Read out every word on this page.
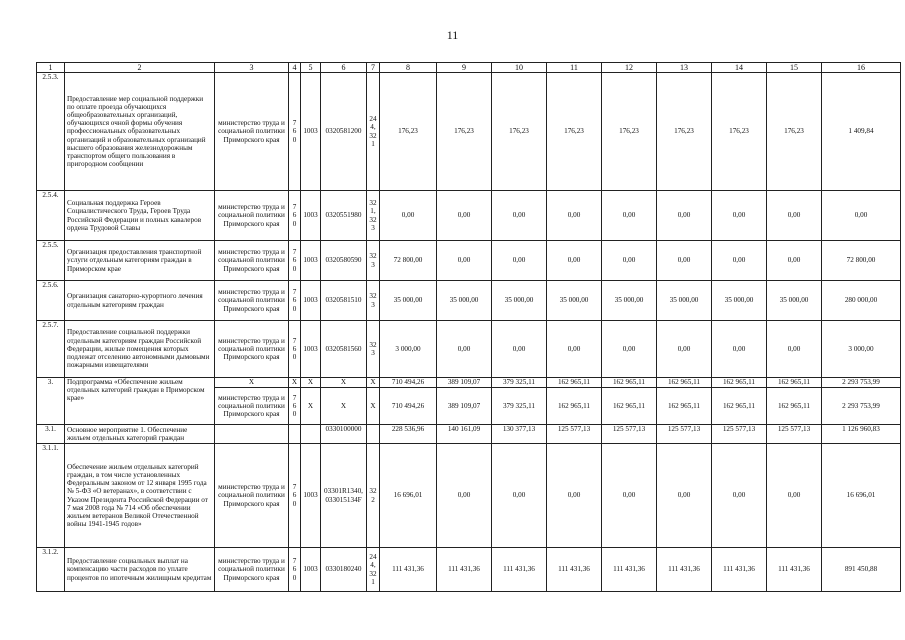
11
1	2	3	4	5	6	7	8	9	10	11	12	13	14	15	16
2.5.3.	Предоставление мер социальной поддержки по оплате проезда обучающихся общеобразовательных организаций, обучающихся очной формы обучения профессиональных образовательных организаций и образовательных организаций высшего образования железнодорожным транспортом общего пользования в пригородном сообщении	министерство труда и социальной политики Приморского края	760	1003	0320581200	244, 321	176,23	176,23	176,23	176,23	176,23	176,23	176,23	176,23	1 409,84
2.5.4.	Социальная поддержка Героев Социалистического Труда, Героев Труда Российской Федерации и полных кавалеров ордена Трудовой Славы	министерство труда и социальной политики Приморского края	760	1003	0320551980	321, 323	0,00	0,00	0,00	0,00	0,00	0,00	0,00	0,00	0,00
2.5.5.	Организация предоставления транспортной услуги отдельным категориям граждан в Приморском крае	министерство труда и социальной политики Приморского края	760	1003	0320580590	323	72 800,00	0,00	0,00	0,00	0,00	0,00	0,00	0,00	72 800,00
2.5.6.	Организация санаторно-курортного лечения отдельным категориям граждан	министерство труда и социальной политики Приморского края	760	1003	0320581510	323	35 000,00	35 000,00	35 000,00	35 000,00	35 000,00	35 000,00	35 000,00	35 000,00	280 000,00
2.5.7.	Предоставление социальной поддержки отдельным категориям граждан Российской Федерации, жилые помещения которых подлежат отселению автономными дымовыми пожарными извещателями	министерство труда и социальной политики Приморского края	760	1003	0320581560	323	3 000,00	0,00	0,00	0,00	0,00	0,00	0,00	0,00	3 000,00
3.	Подпрограмма «Обеспечение жильем отдельных категорий граждан в Приморском крае»	X	X	X	X	X	710 494,26	389 109,07	379 325,11	162 965,11	162 965,11	162 965,11	162 965,11	162 965,11	2 293 753,99
		министерство труда и социальной политики Приморского края	760	X	X	X	710 494,26	389 109,07	379 325,11	162 965,11	162 965,11	162 965,11	162 965,11	162 965,11	2 293 753,99
3.1.	Основное мероприятие 1. Обеспечение жильем отдельных категорий граждан				0330100000		228 536,96	140 161,09	130 377,13	125 577,13	125 577,13	125 577,13	125 577,13	125 577,13	1 126 960,83
3.1.1.	Обеспечение жильем отдельных категорий граждан, в том числе установленных Федеральным законом от 12 января 1995 года № 5-ФЗ «О ветеранах», в соответствии с Указом Президента Российской Федерации от 7 мая 2008 года № 714 «Об обеспечении жильем ветеранов Великой Отечественной войны 1941-1945 годов»	министерство труда и социальной политики Приморского края	760	1003	03301R1340, 033015134F	322	16 696,01	0,00	0,00	0,00	0,00	0,00	0,00	0,00	16 696,01
3.1.2.	Предоставление социальных выплат на компенсацию части расходов по уплате процентов по ипотечным жилищным кредитам	министерство труда и социальной политики Приморского края	760	1003	0330180240	244, 321	111 431,36	111 431,36	111 431,36	111 431,36	111 431,36	111 431,36	111 431,36	111 431,36	891 450,88
